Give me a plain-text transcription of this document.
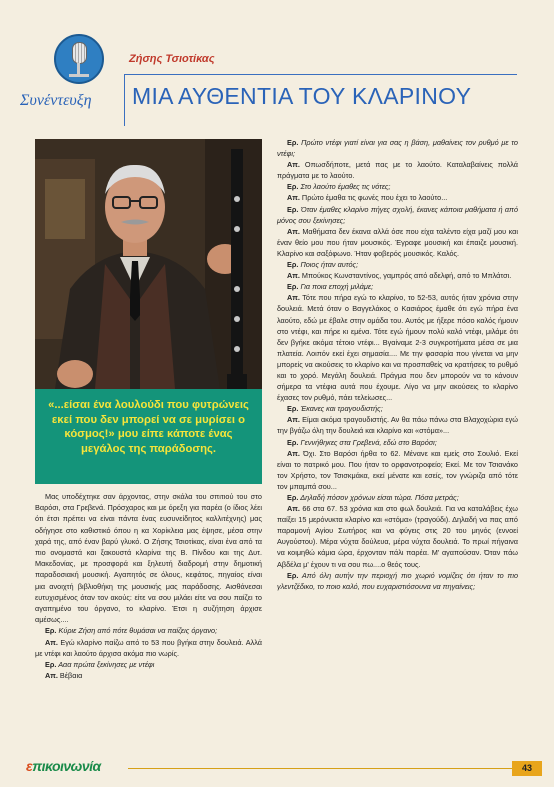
Συνέντευξη
Ζήσης Τσιοτίκας
ΜΙΑ ΑΥΘΕΝΤΙΑ ΤΟΥ ΚΛΑΡΙΝΟΥ
«...είσαι ένα λουλούδι που φυτρώνεις εκεί που δεν μπορεί να σε μυρίσει ο κόσμος!» μου είπε κάποτε ένας μεγάλος της παράδοσης.

Μας υποδέχτηκε σαν άρχοντας, στην σκάλα του σπιτιού του στο Βαρόσι, στα Γρεβενά. Πρόσχαρος και με όρεξη για παρέα (ο ίδιος λέει ότι έτσι πρέπει να είναι πάντα ένας ευσυνείδητος καλλιτέχνης) μας οδήγησε στο καθιστικό όπου η κα Χορίκλεια μας έψησε, μέσα στην χαρά της, από έναν βαρύ γλυκό. Ο Ζήσης Τσιοτίκας, είναι ένα από τα πιο ονομαστά και ξακουστά κλαρίνα της Β. Πίνδου και της Δυτ. Μακεδονίας, με προσφορά και ξηλευτή διαδρομή στην δημοτική παραδοσιακή μουσική. Αγαπητός σε όλους, κεφάτος, πηγαίος είναι μια ανοιχτή βιβλιοθήκη της μουσικής μας παράδοσης. Αισθάνεσαι ευτυχισμένος όταν τον ακούς: είτε να σου μιλάει είτε να σου παίζει το αγαπημένο του όργανο, το κλαρίνο. Έτσι η συζήτηση άρχισε αμέσως....

Ερ. Κύριε Ζήση από πότε θυμάσαι να παίζεις όργανο;

Απ. Εγώ κλαρίνο παίζω από το 53 που βγήκα στην δουλειά. Αλλά με ντέφι και λαούτο άρχισα ακόμα πιο νωρίς.

Ερ. Ααα πρώτα ξεκίνησες με ντέφι

Απ. Βέβαια

Ερ. Πρώτο ντέφι γιατί είναι για σας η βάση, μαθαίνεις τον ρυθμό με το ντέφι;

Απ. Οπωσδήποτε, μετά πας με το λαούτο. Καταλαβαίνεις πολλά πράγματα με το λαούτο.

Ερ. Στο λαούτο έμαθες τις νότες;

Απ. Πρώτο έμαθα τις φωνές που έχει το λαούτο...

Ερ. Όταν έμαθες κλαρίνο πήγες σχολή, έκανες κάποια μαθήματα ή από μόνος σου ξεκίνησες;

Απ. Μαθήματα δεν έκανα αλλά όσε που είχα ταλέντο είχα μαζί μου και έναν θείο μου που ήταν μουσικός. Έγραφε μουσική και έπαιζε μουσική. Κλαρίνο και σαξόφωνο. Ήταν φοβερός μουσικός. Καλός.

Ερ. Ποιος ήταν αυτός;

Απ. Μπούκος Κωνσταντίνος, γαμπρός από αδελφή, από το Μπλάτσι.

Ερ. Για ποια εποχή μιλάμε;

Απ. Τότε που πήρα εγώ το κλαρίνο, το 52-53, αυτός ήταν χρόνια στην δουλειά. Μετά όταν ο Βαγγελάκος ο Κασιάρος έμαθε ότι εγώ πήρα ένα λαούτο, εδώ με έβαλε στην ομάδα του. Αυτός με ήξερε πόσο καλός ήμουν στο ντέφι, και πήρε κι εμένα. Τότε εγώ ήμουν πολύ καλό ντέφι, μιλάμε ότι δεν βγήκε ακόμα τέτοιο ντέφι... Βγαίναμε 2-3 συγκροτήματα μέσα σε μια πλατεία. Λοιπόν εκεί έχει σημασία.... Με την φασαρία που γίνεται να μην μπορείς να ακούσεις το κλαρίνο και να προσπαθείς να κρατήσεις το ρυθμό και το χορό. Μεγάλη δουλειά. Πράγμα που δεν μπορούν να το κάνουν σήμερα τα ντέφια αυτά που έχουμε. Λίγο να μην ακούσεις το κλαρίνο έχασες τον ρυθμό, πάει τελείωσες...

Ερ. Έκανες και τραγουδιστής;

Απ. Είμαι ακόμα τραγουδιστής. Αν θα πάω πάνω στα Βλαχοχώρια εγώ την βγάζω όλη την δουλειά και κλαρίνο και «στόμα»...

Ερ. Γεννήθηκες στα Γρεβενά, εδώ στο Βαρόσι;

Απ. Όχι. Στο Βαρόσι ήρθα το 62. Μένανε και εμείς στο Σουλιό. Εκεί είναι το πατρικό μου. Που ήταν το ορφανοτροφείο; Εκεί. Με τον Τσιανάκο τον Χρήστο, τον Τσισκμάκα, εκεί μένατε και εσείς, τον γνώριζα από τότε τον μπαμπά σου...

Ερ. Δηλαδή πόσον χρόνων είσαι τώρα. Πόσα μετράς;

Απ. 66 στα 67. 53 χρόνια και στο φωλ δουλειά. Για να καταλάβεις έχω παίξει 15 μερόνυκτα κλαρίνο και «στόμα» (τραγούδι). Δηλαδή να πας από παραμονή Αγίου Σωτήρος και να φύγεις στις 20 του μηνός (εννοεί Αυγούστου). Μέρα νύχτα δούλευα, μέρα νύχτα δουλειά. Το πρωί πήγαινα να κοιμηθώ κάμια ώρα, έρχονταν πάλι παρέα. Μ' αγαπούσαν. Όταν πάω Αβδέλα μ' έχουν τι να σου πω....ο θεός τους.

Ερ. Από όλη αυτήν την περιοχή πιο χωριό νομίζεις ότι ήταν το πιο γλεντζέδικο, το ποιο καλό, που ευχαριστιόσουνα να πηγαίνεις;

επικοινωνία	43
